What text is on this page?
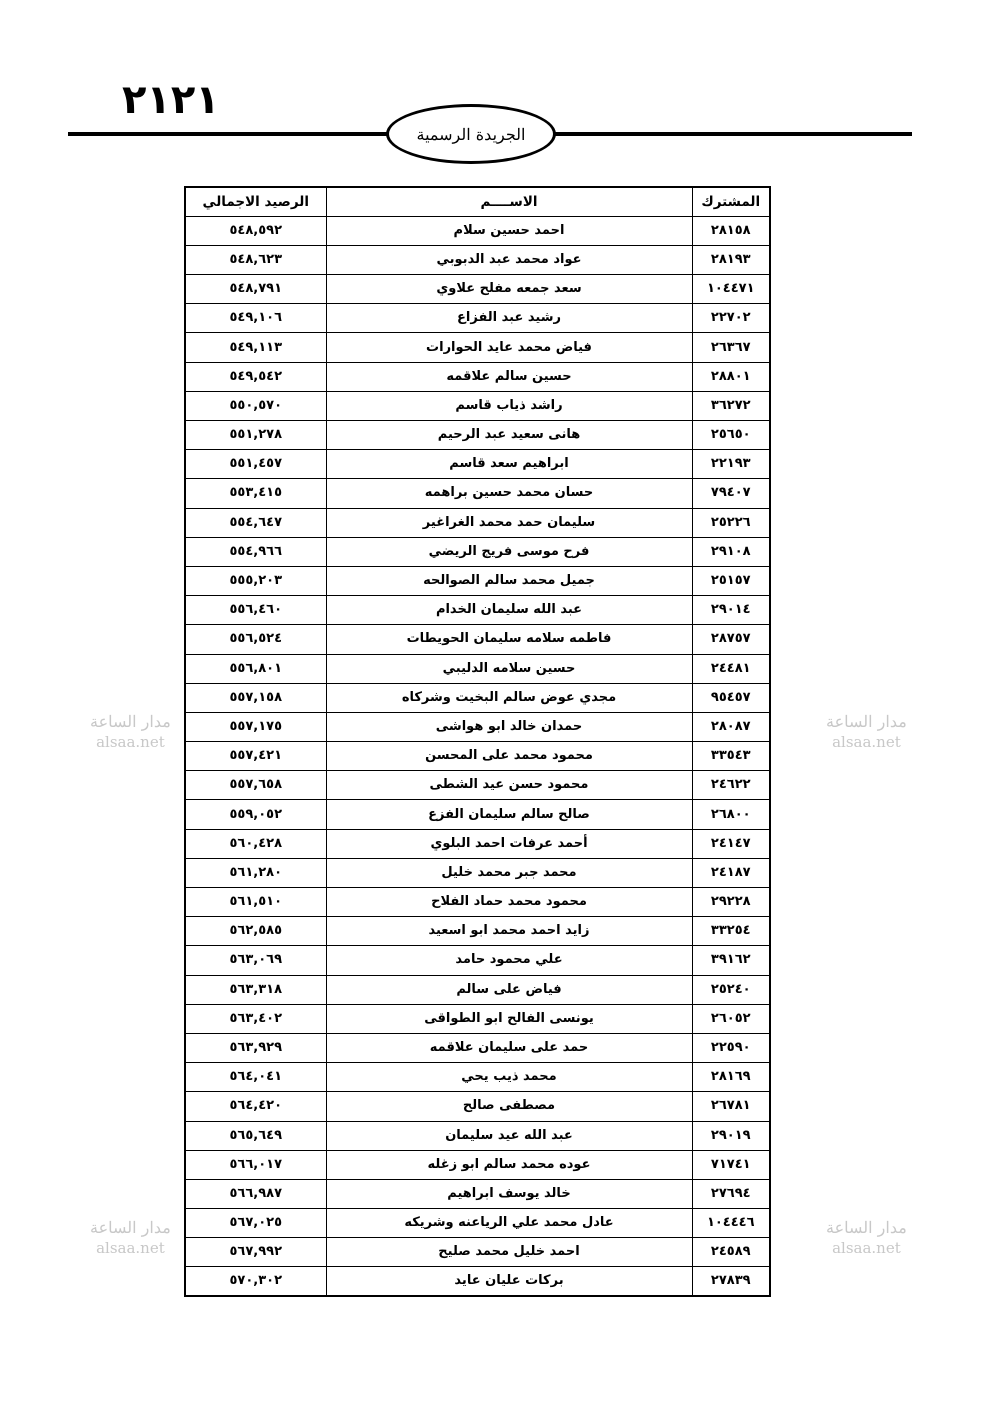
٢١٢١
الجريدة الرسمية
المشترك	الاســــم	الرصيد الاجمالي
٢٨١٥٨	احمد حسين سلام	٥٤٨,٥٩٢
٢٨١٩٣	عواد محمد عبد الدبوبي	٥٤٨,٦٢٣
١٠٤٤٧١	سعد جمعه مفلح علاوي	٥٤٨,٧٩١
٢٢٧٠٢	رشيد عبد الفزاع	٥٤٩,١٠٦
٢٦٣٦٧	فياض محمد عايد الحوارات	٥٤٩,١١٣
٢٨٨٠١	حسين سالم علاقمه	٥٤٩,٥٤٢
٣٦٢٧٢	راشد ذياب قاسم	٥٥٠,٥٧٠
٢٥٦٥٠	هانى سعيد عبد الرحيم	٥٥١,٢٧٨
٢٢١٩٣	ابراهيم سعد قاسم	٥٥١,٤٥٧
٧٩٤٠٧	حسان محمد حسين براهمه	٥٥٣,٤١٥
٢٥٢٢٦	سليمان حمد محمد الغراغير	٥٥٤,٦٤٧
٢٩١٠٨	فرح موسى فريج الريضي	٥٥٤,٩٦٦
٢٥١٥٧	جميل محمد سالم الصوالحه	٥٥٥,٢٠٣
٢٩٠١٤	عبد الله سليمان الخدام	٥٥٦,٤٦٠
٢٨٧٥٧	فاطمه سلامه سليمان الحويطات	٥٥٦,٥٢٤
٢٤٤٨١	حسين سلامه الدليبي	٥٥٦,٨٠١
٩٥٤٥٧	مجدي عوض سالم البخيت وشركاه	٥٥٧,١٥٨
٢٨٠٨٧	حمدان خالد ابو هواشى	٥٥٧,١٧٥
٣٣٥٤٣	محمود محمد على المحسن	٥٥٧,٤٢١
٢٤٦٢٢	محمود حسن عيد الشطى	٥٥٧,٦٥٨
٢٦٨٠٠	صالح سالم سليمان الفزع	٥٥٩,٠٥٢
٢٤١٤٧	أحمد عرفات احمد البلوي	٥٦٠,٤٢٨
٢٤١٨٧	محمد جبر محمد خليل	٥٦١,٢٨٠
٢٩٢٢٨	محمود محمد حماد الفلاح	٥٦١,٥١٠
٣٣٢٥٤	زايد احمد محمد ابو اسعيد	٥٦٢,٥٨٥
٣٩١٦٢	علي محمود حامد	٥٦٣,٠٦٩
٢٥٢٤٠	فياض على سالم	٥٦٣,٣١٨
٢٦٠٥٢	يونسى الفالح ابو الطواقى	٥٦٣,٤٠٢
٢٢٥٩٠	حمد على سليمان علاقمه	٥٦٣,٩٢٩
٢٨١٦٩	محمد ذيب يحي	٥٦٤,٠٤١
٢٦٧٨١	مصطفى صالح	٥٦٤,٤٢٠
٢٩٠١٩	عبد الله عيد سليمان	٥٦٥,٦٤٩
٧١٧٤١	عوده محمد سالم ابو زغله	٥٦٦,٠١٧
٢٧٦٩٤	خالد يوسف ابراهيم	٥٦٦,٩٨٧
١٠٤٤٤٦	عادل محمد علي الرياعنه وشريكه	٥٦٧,٠٢٥
٢٤٥٨٩	احمد خليل محمد صليح	٥٦٧,٩٩٢
٢٧٨٣٩	بركات عليان عايد	٥٧٠,٣٠٢
مدار الساعة
alsaa.net
مدار الساعة
alsaa.net
مدار الساعة
alsaa.net
مدار الساعة
alsaa.net
